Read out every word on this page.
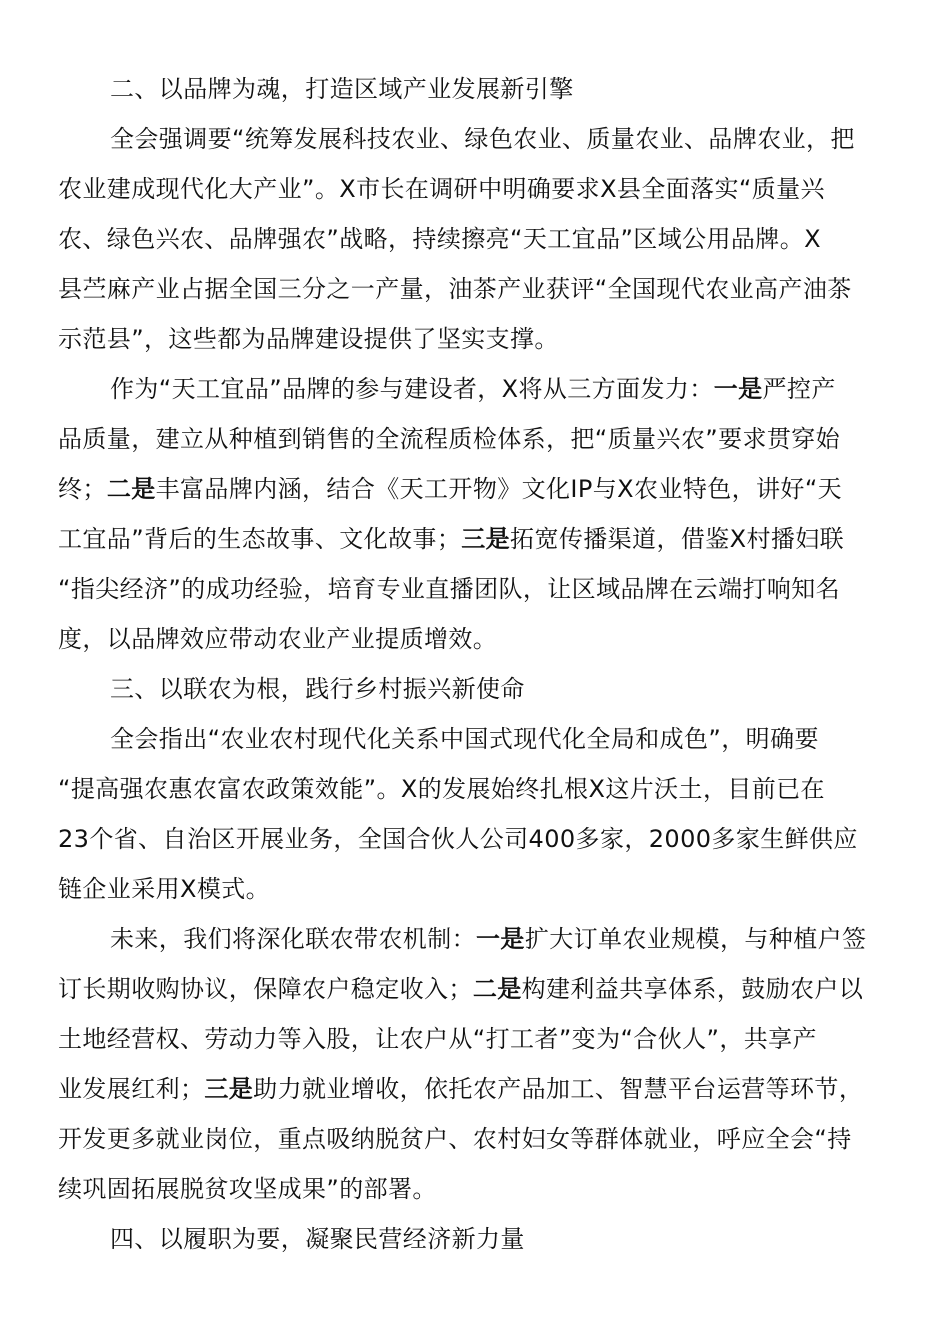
二、以品牌为魂，打造区域产业发展新引擎
全会强调要“统筹发展科技农业、绿色农业、质量农业、品牌农业，把
农业建成现代化大产业”。X市长在调研中明确要求X县全面落实“质量兴
农、绿色兴农、品牌强农”战略，持续擦亮“天工宜品”区域公用品牌。X
县苎麻产业占据全国三分之一产量，油茶产业获评“全国现代农业高产油茶
示范县”，这些都为品牌建设提供了坚实支撑。
作为“天工宜品”品牌的参与建设者，X将从三方面发力：一是严控产
品质量，建立从种植到销售的全流程质检体系，把“质量兴农”要求贯穿始
终；二是丰富品牌内涵，结合《天工开物》文化IP与X农业特色，讲好“天
工宜品”背后的生态故事、文化故事；三是拓宽传播渠道，借鉴X村播妇联
“指尖经济”的成功经验，培育专业直播团队，让区域品牌在云端打响知名
度，以品牌效应带动农业产业提质增效。
三、以联农为根，践行乡村振兴新使命
全会指出“农业农村现代化关系中国式现代化全局和成色”，明确要
“提高强农惠农富农政策效能”。X的发展始终扎根X这片沃土，目前已在
23个省、自治区开展业务，全国合伙人公司400多家，2000多家生鲜供应
链企业采用X模式。
未来，我们将深化联农带农机制：一是扩大订单农业规模，与种植户签
订长期收购协议，保障农户稳定收入；二是构建利益共享体系，鼓励农户以
土地经营权、劳动力等入股，让农户从“打工者”变为“合伙人”，共享产
业发展红利；三是助力就业增收，依托农产品加工、智慧平台运营等环节，
开发更多就业岗位，重点吸纳脱贫户、农村妇女等群体就业，呼应全会“持
续巩固拓展脱贫攻坚成果”的部署。
四、以履职为要，凝聚民营经济新力量
